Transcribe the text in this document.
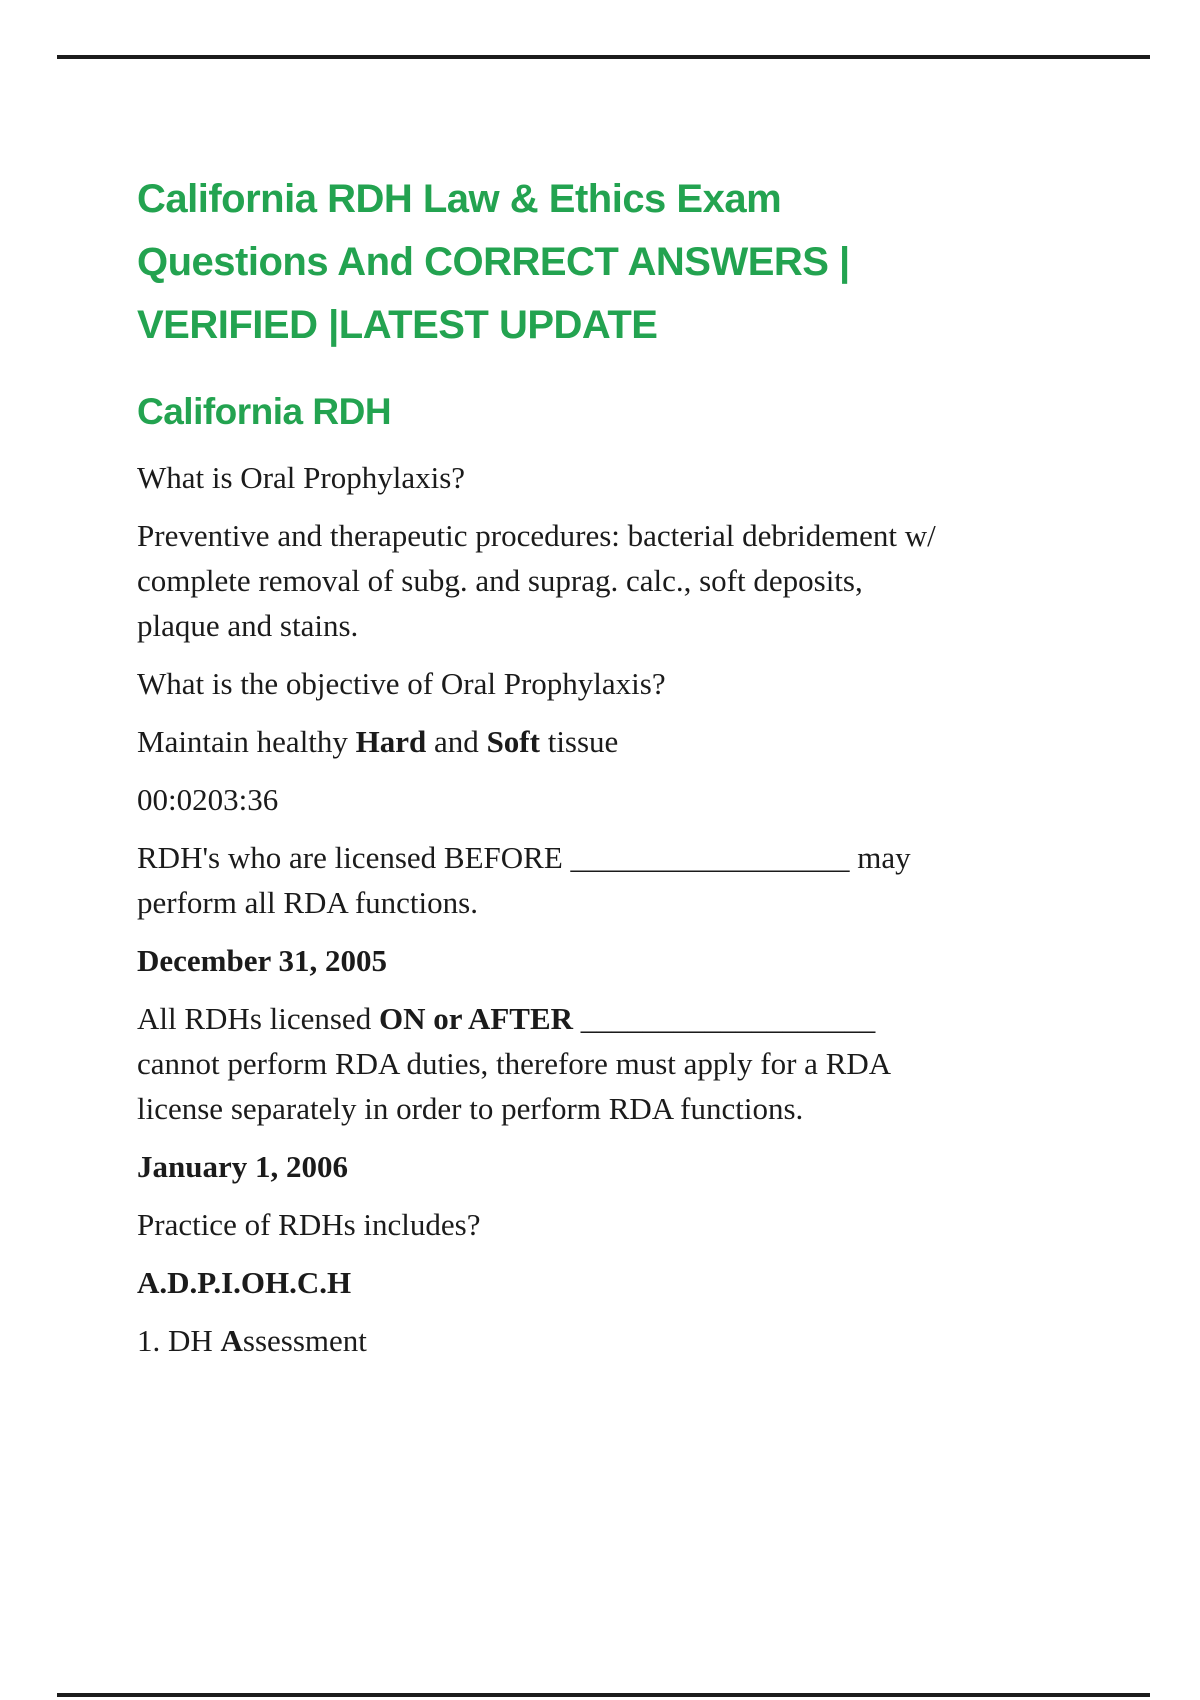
California RDH Law & Ethics Exam
Questions And CORRECT ANSWERS |
VERIFIED |LATEST UPDATE
California RDH

What is Oral Prophylaxis?

Preventive and therapeutic procedures: bacterial debridement w/
complete removal of subg. and suprag. calc., soft deposits,
plaque and stains.

What is the objective of Oral Prophylaxis?

Maintain healthy Hard and Soft tissue

00:0203:36

RDH's who are licensed BEFORE __________________ may
perform all RDA functions.

December 31, 2005

All RDHs licensed ON or AFTER ___________________
cannot perform RDA duties, therefore must apply for a RDA
license separately in order to perform RDA functions.

January 1, 2006

Practice of RDHs includes?

A.D.P.I.OH.C.H

1. DH Assessment
